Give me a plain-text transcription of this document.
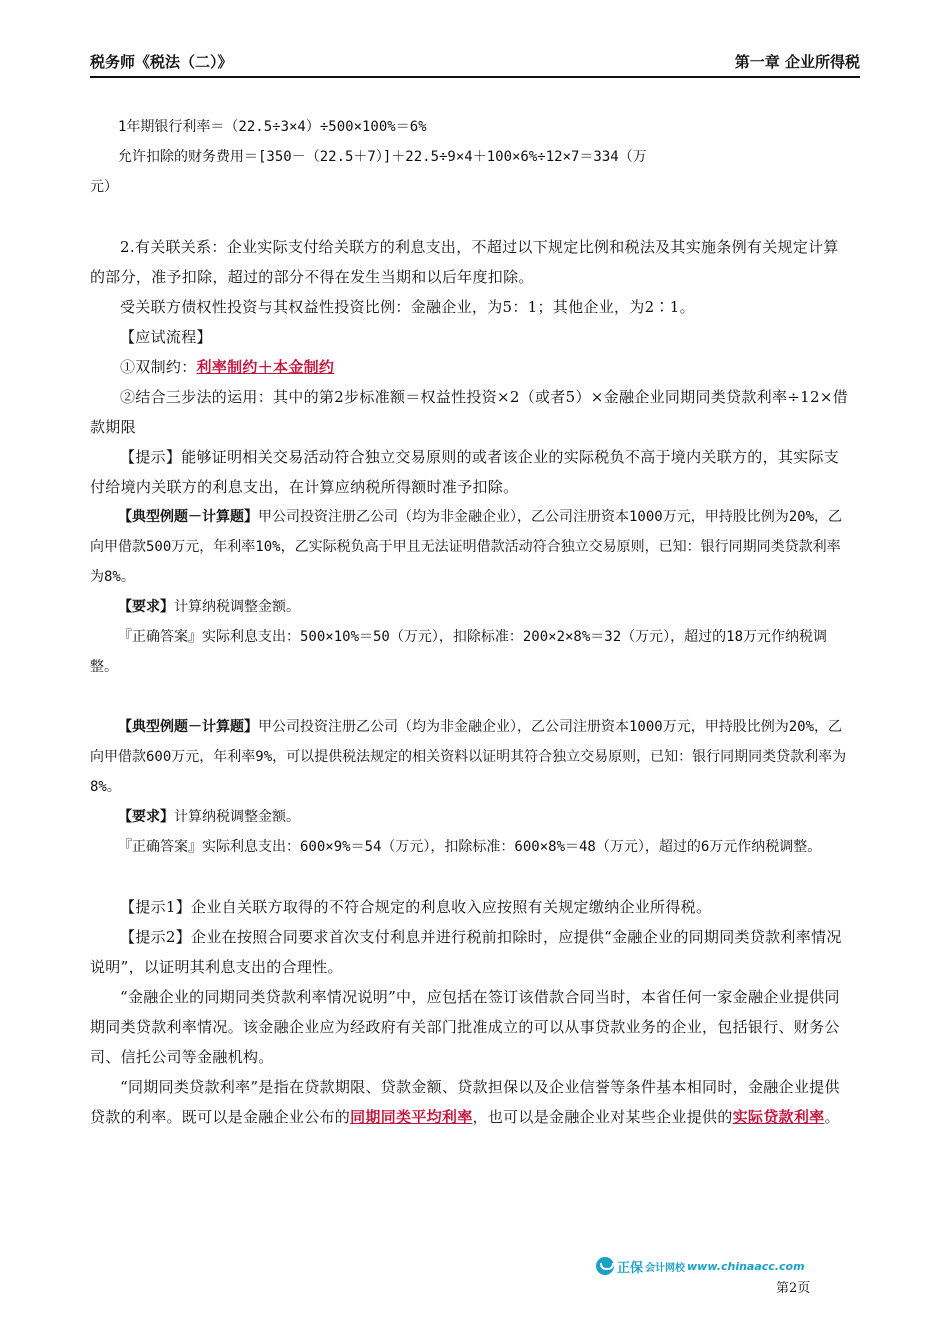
税务师《税法（二）》	第一章 企业所得税

1年期银行利率＝（22.5÷3×4）÷500×100%＝6%

允许扣除的财务费用＝[350－（22.5＋7）]＋22.5÷9×4＋100×6%÷12×7＝334（万

元）

2.有关联关系：企业实际支付给关联方的利息支出，不超过以下规定比例和税法及其实施条例有关规定计算的部分，准予扣除，超过的部分不得在发生当期和以后年度扣除。

受关联方债权性投资与其权益性投资比例：金融企业，为5：1；其他企业，为2∶1。

【应试流程】

①双制约：利率制约＋本金制约

②结合三步法的运用：其中的第2步标准额＝权益性投资×2（或者5）×金融企业同期同类贷款利率÷12×借款期限

【提示】能够证明相关交易活动符合独立交易原则的或者该企业的实际税负不高于境内关联方的，其实际支付给境内关联方的利息支出，在计算应纳税所得额时准予扣除。

【典型例题－计算题】甲公司投资注册乙公司（均为非金融企业），乙公司注册资本1000万元，甲持股比例为20%，乙向甲借款500万元，年利率10%，乙实际税负高于甲且无法证明借款活动符合独立交易原则，已知：银行同期同类贷款利率为8%。

【要求】计算纳税调整金额。

『正确答案』实际利息支出：500×10%＝50（万元），扣除标准：200×2×8%＝32（万元），超过的18万元作纳税调整。

【典型例题－计算题】甲公司投资注册乙公司（均为非金融企业），乙公司注册资本1000万元，甲持股比例为20%，乙向甲借款600万元，年利率9%，可以提供税法规定的相关资料以证明其符合独立交易原则，已知：银行同期同类贷款利率为8%。

【要求】计算纳税调整金额。

『正确答案』实际利息支出：600×9%＝54（万元），扣除标准：600×8%＝48（万元），超过的6万元作纳税调整。

【提示1】企业自关联方取得的不符合规定的利息收入应按照有关规定缴纳企业所得税。

【提示2】企业在按照合同要求首次支付利息并进行税前扣除时，应提供“金融企业的同期同类贷款利率情况说明”，以证明其利息支出的合理性。

“金融企业的同期同类贷款利率情况说明”中，应包括在签订该借款合同当时，本省任何一家金融企业提供同期同类贷款利率情况。该金融企业应为经政府有关部门批准成立的可以从事贷款业务的企业，包括银行、财务公司、信托公司等金融机构。

“同期同类贷款利率”是指在贷款期限、贷款金额、贷款担保以及企业信誉等条件基本相同时，金融企业提供贷款的利率。既可以是金融企业公布的同期同类平均利率，也可以是金融企业对某些企业提供的实际贷款利率。

正保 会计网校 www.chinaacc.com
第2页
